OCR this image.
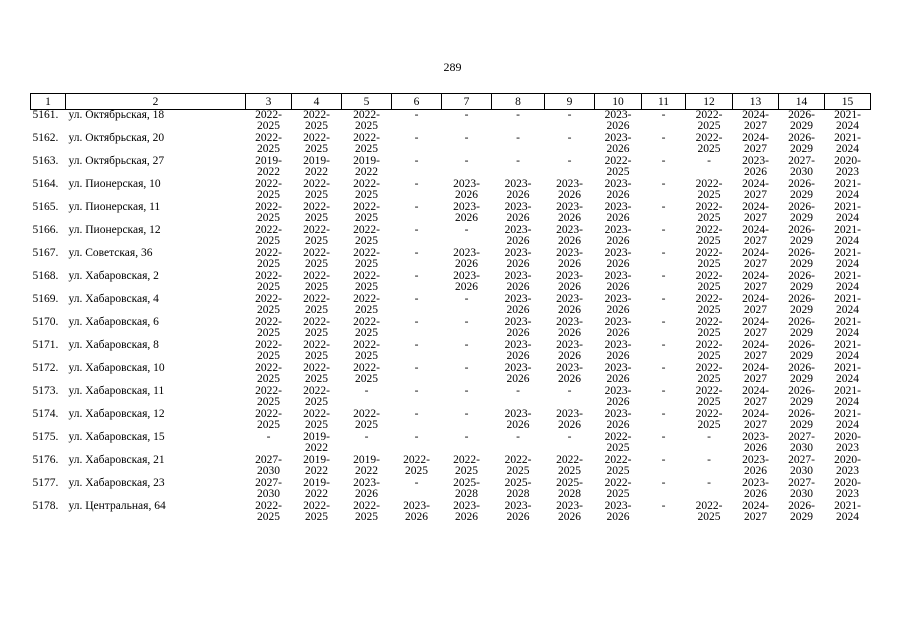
289
1	2	3	4	5	6	7	8	9	10	11	12	13	14	15
5161.	ул. Октябрьская, 18	2022-
2025	2022-
2025	2022-
2025	-	-	-	-	2023-
2026	-	2022-
2025	2024-
2027	2026-
2029	2021-
2024

5162.	ул. Октябрьская, 20	2022-
2025	2022-
2025	2022-
2025	-	-	-	-	2023-
2026	-	2022-
2025	2024-
2027	2026-
2029	2021-
2024

5163.	ул. Октябрьская, 27	2019-
2022	2019-
2022	2019-
2022	-	-	-	-	2022-
2025	-	-	2023-
2026	2027-
2030	2020-
2023

5164.	ул. Пионерская, 10	2022-
2025	2022-
2025	2022-
2025	-	2023-
2026	2023-
2026	2023-
2026	2023-
2026	-	2022-
2025	2024-
2027	2026-
2029	2021-
2024

5165.	ул. Пионерская, 11	2022-
2025	2022-
2025	2022-
2025	-	2023-
2026	2023-
2026	2023-
2026	2023-
2026	-	2022-
2025	2024-
2027	2026-
2029	2021-
2024

5166.	ул. Пионерская, 12	2022-
2025	2022-
2025	2022-
2025	-	-	2023-
2026	2023-
2026	2023-
2026	-	2022-
2025	2024-
2027	2026-
2029	2021-
2024

5167.	ул. Советская, 36	2022-
2025	2022-
2025	2022-
2025	-	2023-
2026	2023-
2026	2023-
2026	2023-
2026	-	2022-
2025	2024-
2027	2026-
2029	2021-
2024

5168.	ул. Хабаровская, 2	2022-
2025	2022-
2025	2022-
2025	-	2023-
2026	2023-
2026	2023-
2026	2023-
2026	-	2022-
2025	2024-
2027	2026-
2029	2021-
2024

5169.	ул. Хабаровская, 4	2022-
2025	2022-
2025	2022-
2025	-	-	2023-
2026	2023-
2026	2023-
2026	-	2022-
2025	2024-
2027	2026-
2029	2021-
2024

5170.	ул. Хабаровская, 6	2022-
2025	2022-
2025	2022-
2025	-	-	2023-
2026	2023-
2026	2023-
2026	-	2022-
2025	2024-
2027	2026-
2029	2021-
2024

5171.	ул. Хабаровская, 8	2022-
2025	2022-
2025	2022-
2025	-	-	2023-
2026	2023-
2026	2023-
2026	-	2022-
2025	2024-
2027	2026-
2029	2021-
2024

5172.	ул. Хабаровская, 10	2022-
2025	2022-
2025	2022-
2025	-	-	2023-
2026	2023-
2026	2023-
2026	-	2022-
2025	2024-
2027	2026-
2029	2021-
2024

5173.	ул. Хабаровская, 11	2022-
2025	2022-
2025	-	-	-	-	-	2023-
2026	-	2022-
2025	2024-
2027	2026-
2029	2021-
2024

5174.	ул. Хабаровская, 12	2022-
2025	2022-
2025	2022-
2025	-	-	2023-
2026	2023-
2026	2023-
2026	-	2022-
2025	2024-
2027	2026-
2029	2021-
2024

5175.	ул. Хабаровская, 15	-	2019-
2022	-	-	-	-	-	2022-
2025	-	-	2023-
2026	2027-
2030	2020-
2023

5176.	ул. Хабаровская, 21	2027-
2030	2019-
2022	2019-
2022	2022-
2025	2022-
2025	2022-
2025	2022-
2025	2022-
2025	-	-	2023-
2026	2027-
2030	2020-
2023

5177.	ул. Хабаровская, 23	2027-
2030	2019-
2022	2023-
2026	-	2025-
2028	2025-
2028	2025-
2028	2022-
2025	-	-	2023-
2026	2027-
2030	2020-
2023

5178.	ул. Центральная, 64	2022-
2025	2022-
2025	2022-
2025	2023-
2026	2023-
2026	2023-
2026	2023-
2026	2023-
2026	-	2022-
2025	2024-
2027	2026-
2029	2021-
2024
